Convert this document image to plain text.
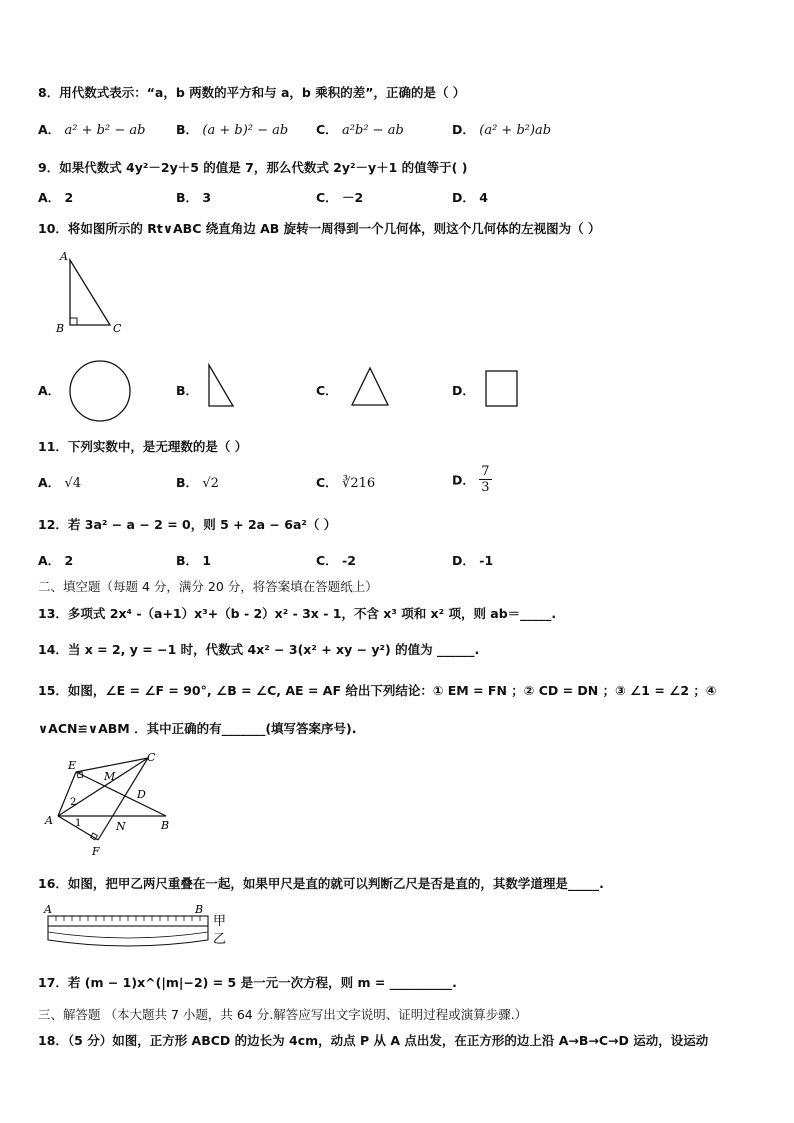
8．用代数式表示：“a，b 两数的平方和与 a，b 乘积的差”，正确的是（ ）
A． a² + b² − ab B． (a + b)² − ab C． a²b² − ab	D． (a² + b²)ab
9．如果代数式 4y²－2y＋5 的值是 7，那么代数式 2y²－y＋1 的值等于( )
A． 2	B． 3	C． －2	D． 4
10．将如图所示的 Rt∨ABC 绕直角边 AB 旋转一周得到一个几何体，则这个几何体的左视图为（ ）
A
B	C
A．	B．	C．	D．
11．下列实数中，是无理数的是（ ）
A． √4	B． √2	C． ∛216	D． $\frac{7}{3}$
12．若 3a² − a − 2 = 0，则 5 + 2a − 6a²（ ）
A． 2	B． 1	C． -2	D． -1
二、填空题（每题 4 分，满分 20 分，将答案填在答题纸上）
13．多项式 2x⁴ -（a+1）x³+（b - 2）x² - 3x - 1，不含 x³ 项和 x² 项，则 ab＝_____.
14．当 x = 2, y = −1 时，代数式 4x² − 3(x² + xy − y²) 的值为 ______.
15．如图，∠E = ∠F = 90°, ∠B = ∠C, AE = AF 给出下列结论：① EM = FN ；② CD = DN ；③ ∠1 = ∠2 ；④
∨ACN≌∨ABM ．其中正确的有_______(填写答案序号).
E
M
C
D
A	B
N
F
2
1
16．如图，把甲乙两尺重叠在一起，如果甲尺是直的就可以判断乙尺是否是直的，其数学道理是_____.
A	B
甲
乙
17．若 (m − 1)x^(|m|−2) = 5 是一元一次方程，则 m = __________.
三、解答题 （本大题共 7 小题，共 64 分.解答应写出文字说明、证明过程或演算步骤.）
18．（5 分）如图，正方形 ABCD 的边长为 4cm，动点 P 从 A 点出发，在正方形的边上沿 A→B→C→D 运动，设运动
